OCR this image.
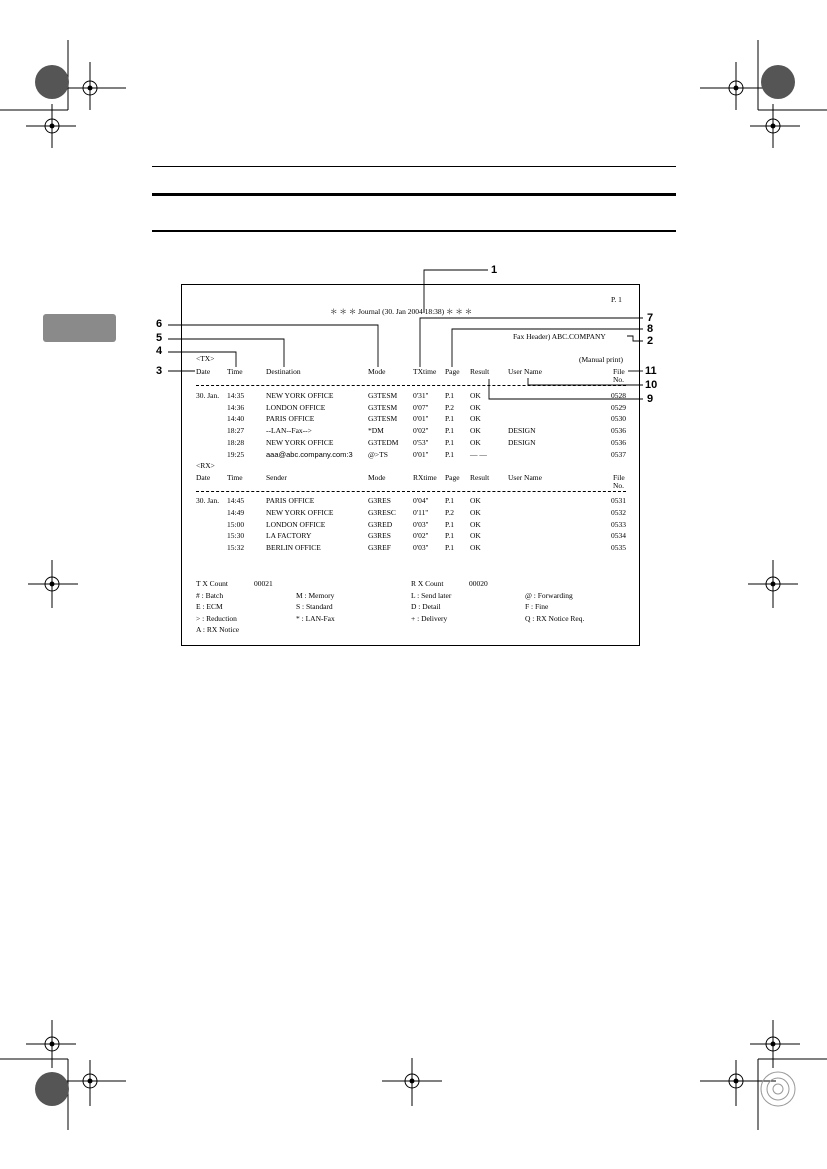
1
6
5
4
3
7
8
2
11
10
9
P. 1
＊ ＊ ＊ Journal (30. Jan 2004 18:38) ＊ ＊ ＊
Fax Header) ABC.COMPANY
(Manual print)
<TX>
Date Time	Destination	Mode	TXtime Page Result	User Name	File
No.
30. Jan. 14:35	NEW YORK OFFICE	G3TESM 0'31'' P.1 OK	0528
14:36	LONDON OFFICE	G3TESM 0'07'' P.2 OK	0529
14:40	PARIS OFFICE	G3TESM 0'01'' P.1 OK	0530
18:27	--LAN--Fax-->	*DM	0'02'' P.1 OK	DESIGN	0536
18:28	NEW YORK OFFICE	G3TEDM 0'53'' P.1 OK	DESIGN	0536
19:25	aaa@abc.company.com:3 @>TS	0'01'' P.1 — —	0537
<RX>
Date Time	Sender	Mode	RXtime Page Result	User Name	File
No.
30. Jan. 14:45	PARIS OFFICE	G3RES	0'04'' P.1 OK	0531
14:49	NEW YORK OFFICE	G3RESC 0'11'' P.2 OK	0532
15:00	LONDON OFFICE	G3RED	0'03'' P.1 OK	0533
15:30	LA FACTORY	G3RES	0'02'' P.1 OK	0534
15:32	BERLIN OFFICE	G3REF	0'03'' P.1 OK	0535
T X Count	00021	R X Count	00020
# : Batch	M : Memory	L : Send later	@ : Forwarding
E : ECM	S : Standard	D : Detail	F : Fine
> : Reduction	* : LAN-Fax	+ : Delivery	Q : RX Notice Req.
A : RX Notice
